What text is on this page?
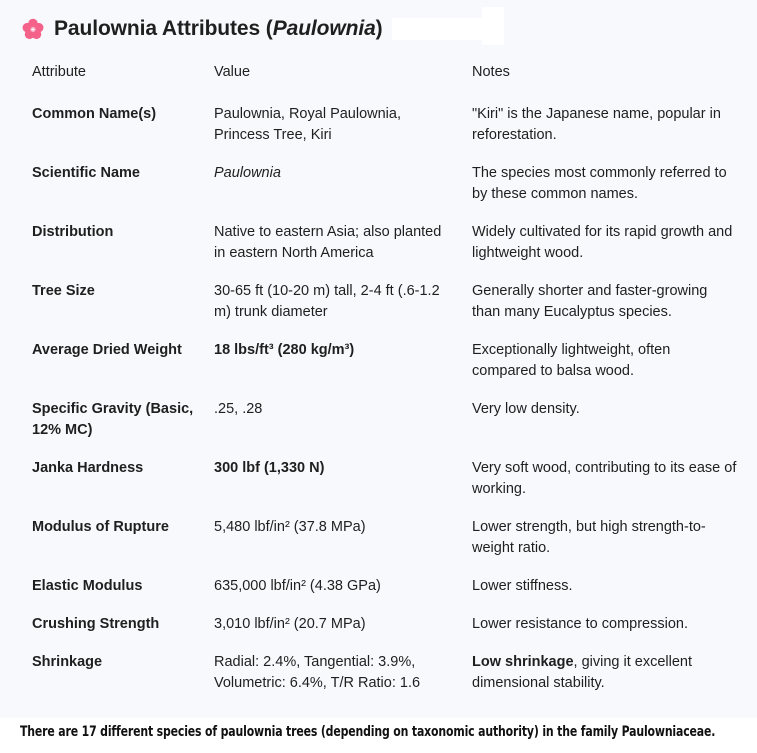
Paulownia Attributes (Paulownia)
Attribute	Value	Notes
Common Name(s)	Paulownia, Royal Paulownia, Princess Tree, Kiri	"Kiri" is the Japanese name, popular in reforestation.
Scientific Name	Paulownia	The species most commonly referred to by these common names.
Distribution	Native to eastern Asia; also planted in eastern North America	Widely cultivated for its rapid growth and lightweight wood.
Tree Size	30-65 ft (10-20 m) tall, 2-4 ft (.6-1.2 m) trunk diameter	Generally shorter and faster-growing than many Eucalyptus species.
Average Dried Weight	18 lbs/ft³ (280 kg/m³)	Exceptionally lightweight, often compared to balsa wood.
Specific Gravity (Basic, 12% MC)	.25, .28	Very low density.
Janka Hardness	300 lbf (1,330 N)	Very soft wood, contributing to its ease of working.
Modulus of Rupture	5,480 lbf/in² (37.8 MPa)	Lower strength, but high strength-to-weight ratio.
Elastic Modulus	635,000 lbf/in² (4.38 GPa)	Lower stiffness.
Crushing Strength	3,010 lbf/in² (20.7 MPa)	Lower resistance to compression.
Shrinkage	Radial: 2.4%, Tangential: 3.9%, Volumetric: 6.4%, T/R Ratio: 1.6	Low shrinkage, giving it excellent dimensional stability.
There are 17 different species of paulownia trees (depending on taxonomic authority) in the family Paulowniaceae.
